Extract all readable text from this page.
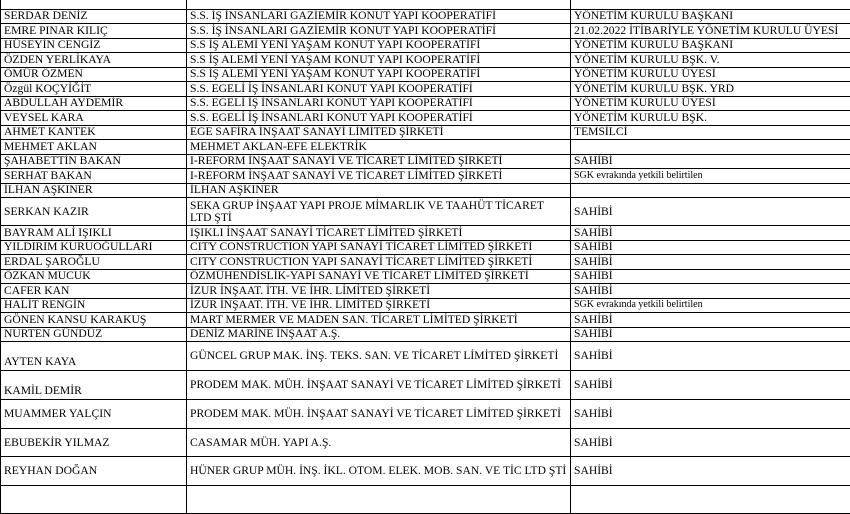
SERDAR DENİZ	S.S. İŞ İNSANLARI GAZİEMİR KONUT YAPI KOOPERATİFİ	YÖNETİM KURULU BAŞKANI
EMRE PINAR KILIÇ	S.S. İŞ İNSANLARI GAZİEMİR KONUT YAPI KOOPERATİFİ	21.02.2022 İTİBARİYLE YÖNETİM KURULU ÜYESİ
HÜSEYİN CENGİZ	S.S İŞ ALEMİ YENİ YAŞAM KONUT YAPI KOOPERATİFİ	YÖNETİM KURULU BAŞKANI
ÖZDEN YERLİKAYA	S.S İŞ ALEMİ YENİ YAŞAM KONUT YAPI KOOPERATİFİ	YÖNETİM KURULU BŞK. V.
ÖMÜR ÖZMEN	S.S İŞ ALEMİ YENİ YAŞAM KONUT YAPI KOOPERATİFİ	YÖNETİM KURULU ÜYESİ
Özgül KOÇYİĞİT	S.S. EGELİ İŞ İNSANLARI KONUT YAPI KOOPERATİFİ	YÖNETİM KURULU BŞK. YRD
ABDULLAH AYDEMİR	S.S. EGELİ İŞ İNSANLARI KONUT YAPI KOOPERATİFİ	YÖNETİM KURULU ÜYESİ
VEYSEL KARA	S.S. EGELİ İŞ İNSANLARI KONUT YAPI KOOPERATİFİ	YÖNETİM KURULU BŞK.
AHMET KANTEK	EGE SAFİRA İNŞAAT SANAYİ LİMİTED ŞİRKETİ	TEMSİLCİ
MEHMET AKLAN	MEHMET AKLAN-EFE ELEKTRİK	
ŞAHABETTİN BAKAN	I-REFORM İNŞAAT SANAYİ VE TİCARET LİMİTED ŞİRKETİ	SAHİBİ
SERHAT BAKAN	I-REFORM İNŞAAT SANAYİ VE TİCARET LİMİTED ŞİRKETİ	SGK evrakında yetkili belirtilen
İLHAN AŞKINER	İLHAN AŞKINER	
SERKAN KAZIR	SEKA GRUP İNŞAAT YAPI PROJE MİMARLIK VE TAAHÜT TİCARET LTD ŞTİ	SAHİBİ
BAYRAM ALİ IŞIKLI	IŞIKLI İNŞAAT SANAYİ TİCARET LİMİTED ŞİRKETİ	SAHİBİ
YILDIRIM KURUOĞULLARI	CITY CONSTRUCTION YAPI SANAYİ TİCARET LİMİTED ŞİRKETİ	SAHİBİ
ERDAL ŞAROĞLU	CITY CONSTRUCTION YAPI SANAYİ TİCARET LİMİTED ŞİRKETİ	SAHİBİ
ÖZKAN MUCUK	ÖZMÜHENDİSLİK-YAPI SANAYİ VE TİCARET LİMİTED ŞİRKETİ	SAHİBİ
CAFER KAN	İZUR İNŞAAT. İTH. VE İHR. LİMİTED ŞİRKETİ	SAHİBİ
HALİT RENGİN	İZUR İNŞAAT. İTH. VE İHR. LİMİTED ŞİRKETİ	SGK evrakında yetkili belirtilen
GÖNEN KANSU KARAKUŞ	MART MERMER VE MADEN SAN. TİCARET LİMİTED ŞİRKETİ	SAHİBİ
NURTEN GÜNDÜZ	DENİZ MARİNE İNŞAAT A.Ş.	SAHİBİ
AYTEN KAYA	GÜNCEL GRUP MAK. İNŞ. TEKS. SAN. VE TİCARET LİMİTED ŞİRKETİ	SAHİBİ
KAMİL DEMİR	PRODEM MAK. MÜH. İNŞAAT SANAYİ VE TİCARET LİMİTED ŞİRKETİ	SAHİBİ
MUAMMER YALÇIN	PRODEM MAK. MÜH. İNŞAAT SANAYİ VE TİCARET LİMİTED ŞİRKETİ	SAHİBİ
EBUBEKİR YILMAZ	CASAMAR MÜH. YAPI A.Ş.	SAHİBİ
REYHAN DOĞAN	HÜNER GRUP MÜH. İNŞ. İKL. OTOM. ELEK. MOB. SAN. VE TİC LTD ŞTİ	SAHİBİ
